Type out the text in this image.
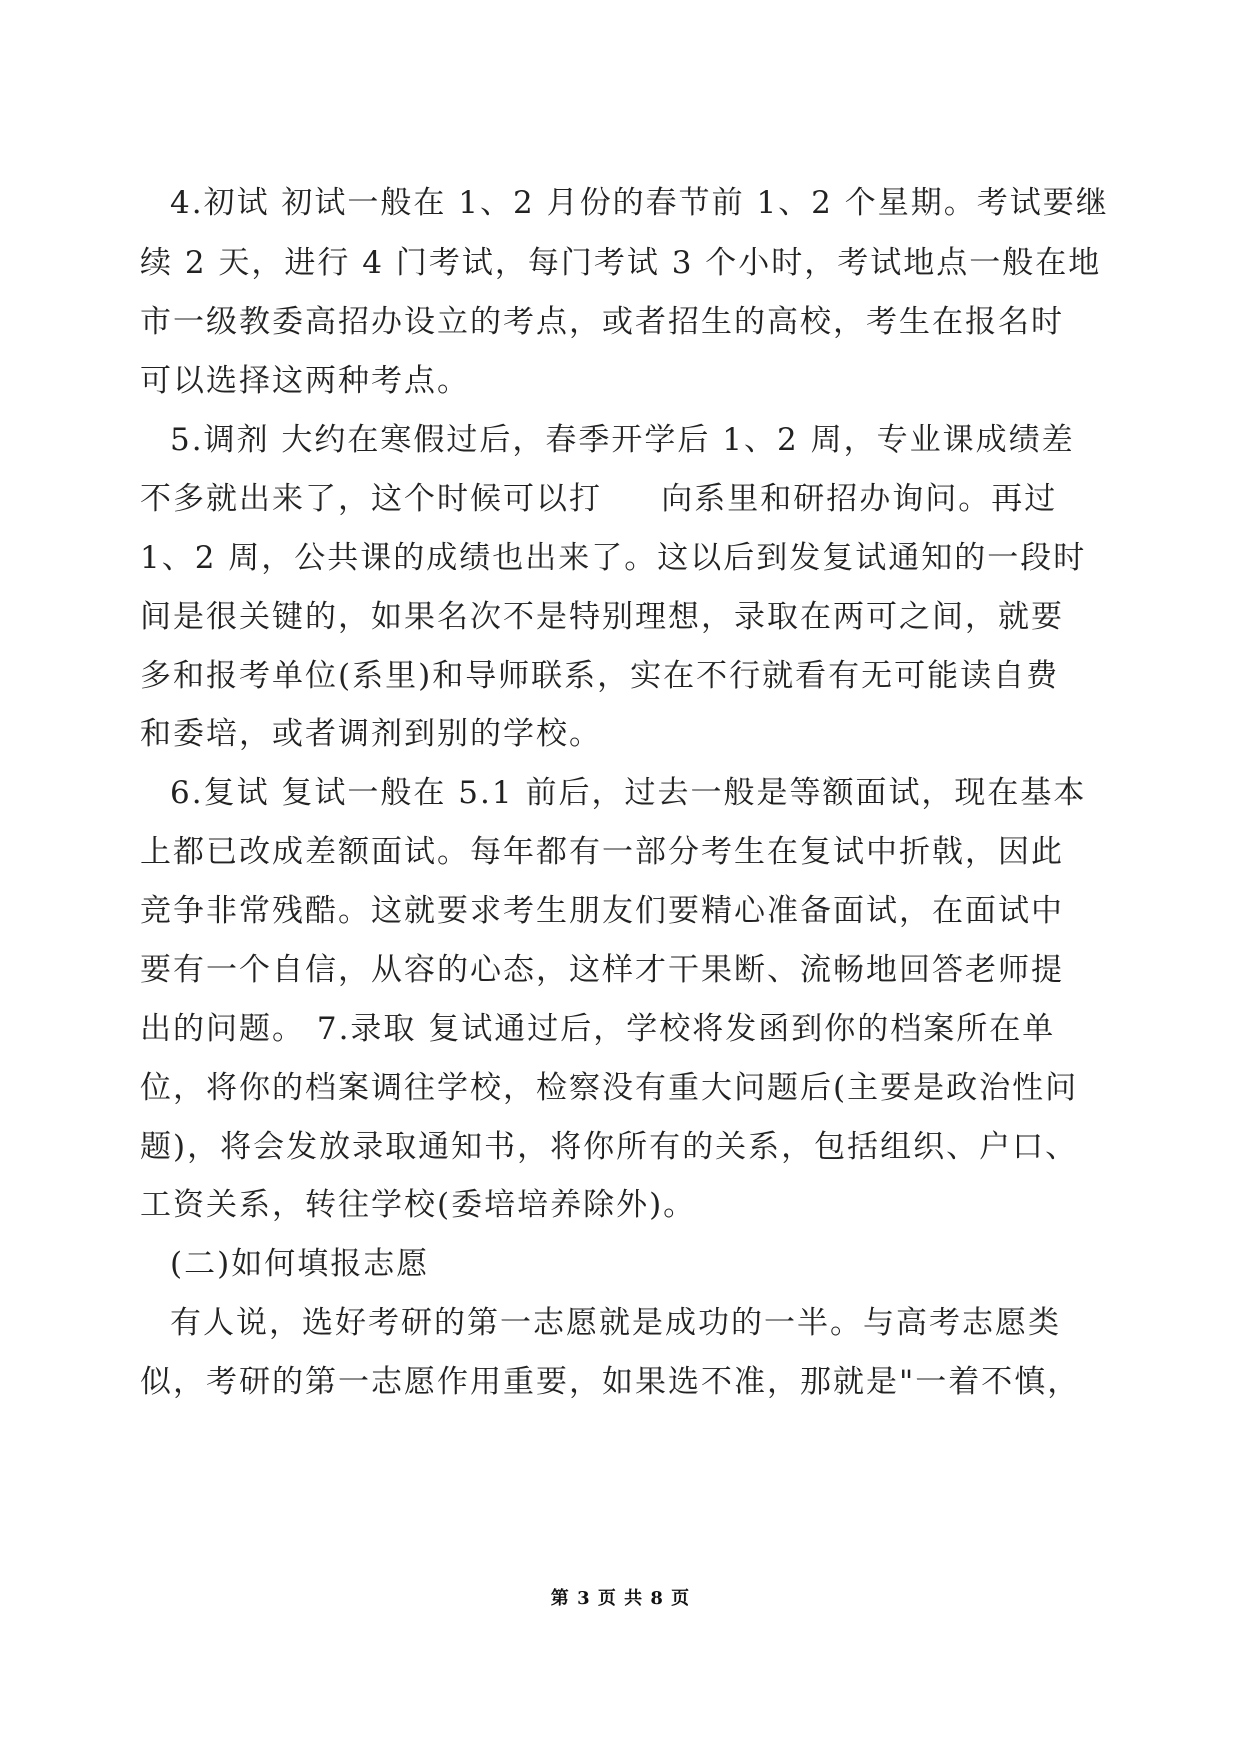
4.初试 初试一般在 1、2 月份的春节前 1、2 个星期。考试要继
续 2 天，进行 4 门考试，每门考试 3 个小时，考试地点一般在地
市一级教委高招办设立的考点，或者招生的高校，考生在报名时
可以选择这两种考点。
5.调剂 大约在寒假过后，春季开学后 1、2 周，专业课成绩差
不多就出来了，这个时候可以打     向系里和研招办询问。再过
1、2 周，公共课的成绩也出来了。这以后到发复试通知的一段时
间是很关键的，如果名次不是特别理想，录取在两可之间，就要
多和报考单位(系里)和导师联系，实在不行就看有无可能读自费
和委培，或者调剂到别的学校。
6.复试 复试一般在 5.1 前后，过去一般是等额面试，现在基本
上都已改成差额面试。每年都有一部分考生在复试中折戟，因此
竞争非常残酷。这就要求考生朋友们要精心准备面试，在面试中
要有一个自信，从容的心态，这样才干果断、流畅地回答老师提
出的问题。 7.录取 复试通过后，学校将发函到你的档案所在单
位，将你的档案调往学校，检察没有重大问题后(主要是政治性问
题)，将会发放录取通知书，将你所有的关系，包括组织、户口、
工资关系，转往学校(委培培养除外)。
(二)如何填报志愿
有人说，选好考研的第一志愿就是成功的一半。与高考志愿类
似，考研的第一志愿作用重要，如果选不准，那就是"一着不慎，
第 3 页 共 8 页
